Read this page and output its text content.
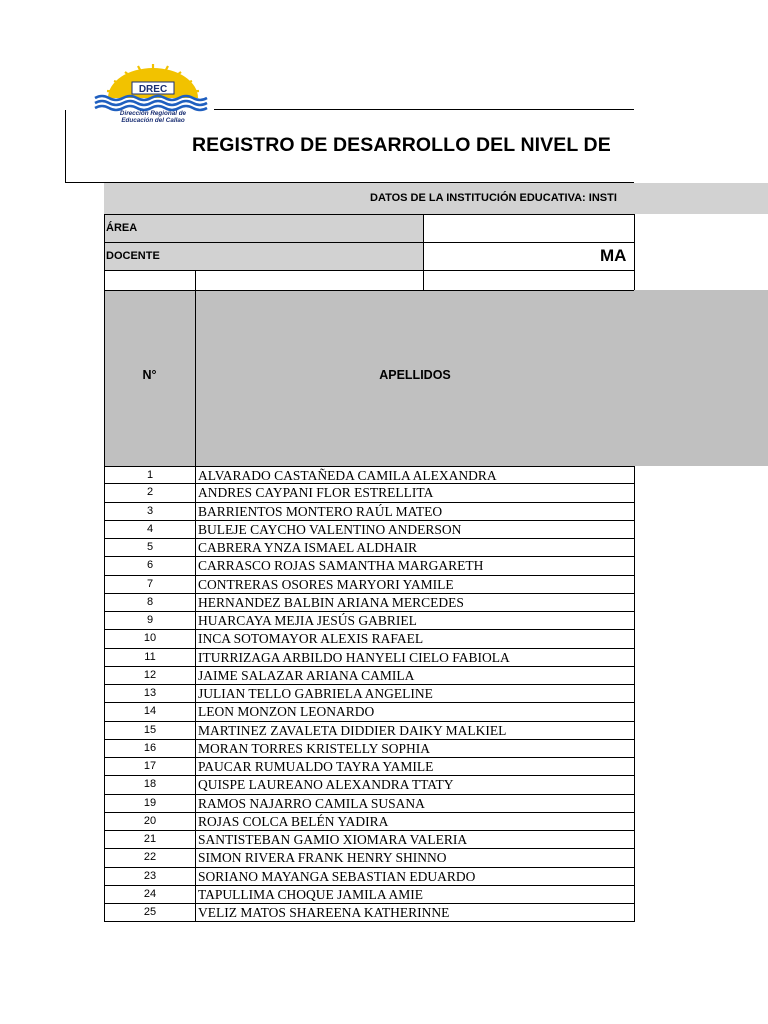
DREC
Dirección Regional de
Educación del Callao
REGISTRO DE DESARROLLO DEL NIVEL DE
DATOS DE LA INSTITUCIÓN EDUCATIVA: INSTI
ÁREA
DOCENTE	MA
N°	APELLIDOS
1	ALVARADO CASTAÑEDA CAMILA ALEXANDRA
2	ANDRES CAYPANI FLOR ESTRELLITA
3	BARRIENTOS MONTERO RAÚL MATEO
4	BULEJE CAYCHO VALENTINO ANDERSON
5	CABRERA YNZA ISMAEL ALDHAIR
6	CARRASCO ROJAS SAMANTHA MARGARETH
7	CONTRERAS OSORES MARYORI YAMILE
8	HERNANDEZ BALBIN ARIANA MERCEDES
9	HUARCAYA MEJIA JESÚS GABRIEL
10	INCA SOTOMAYOR ALEXIS RAFAEL
11	ITURRIZAGA ARBILDO HANYELI CIELO FABIOLA
12	JAIME SALAZAR ARIANA CAMILA
13	JULIAN TELLO GABRIELA ANGELINE
14	LEON MONZON LEONARDO
15	MARTINEZ ZAVALETA DIDDIER DAIKY MALKIEL
16	MORAN TORRES KRISTELLY SOPHIA
17	PAUCAR RUMUALDO TAYRA YAMILE
18	QUISPE LAUREANO ALEXANDRA TTATY
19	RAMOS NAJARRO CAMILA SUSANA
20	ROJAS COLCA BELÉN YADIRA
21	SANTISTEBAN GAMIO XIOMARA VALERIA
22	SIMON RIVERA FRANK HENRY SHINNO
23	SORIANO MAYANGA SEBASTIAN EDUARDO
24	TAPULLIMA CHOQUE JAMILA AMIE
25	VELIZ MATOS SHAREENA KATHERINNE
